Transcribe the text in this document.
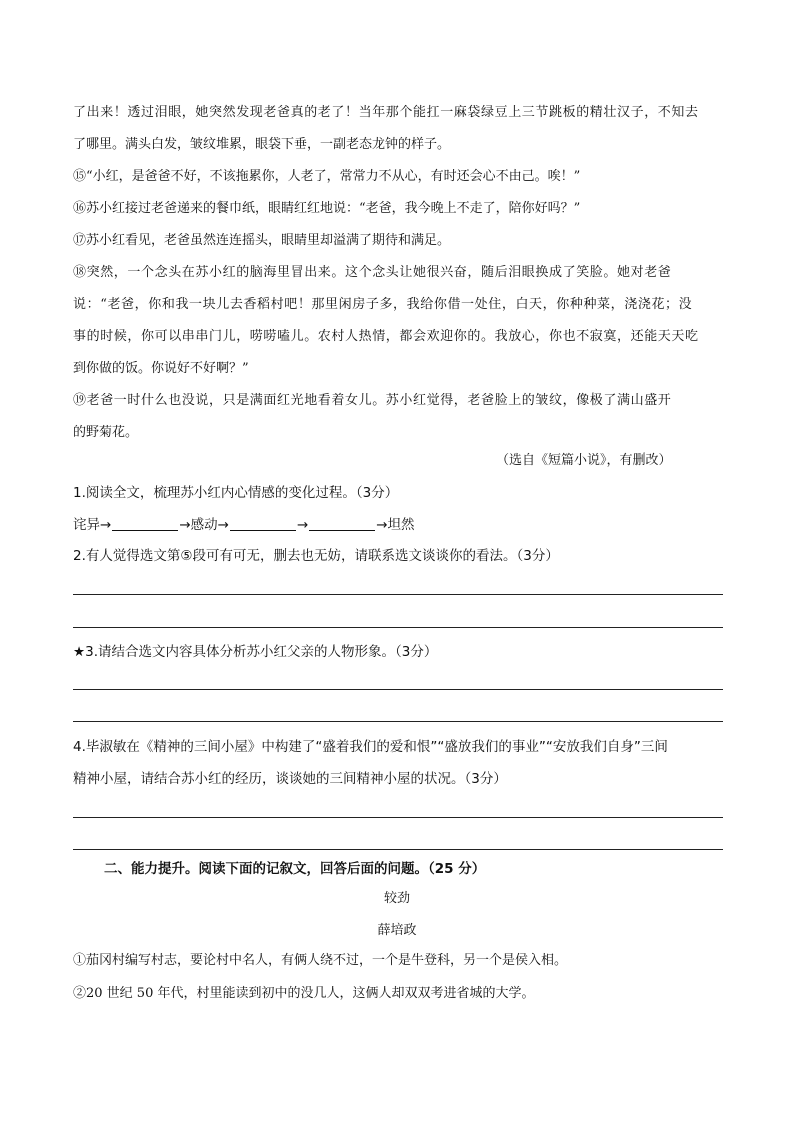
了出来！透过泪眼，她突然发现老爸真的老了！当年那个能扛一麻袋绿豆上三节跳板的精壮汉子，不知去
了哪里。满头白发，皱纹堆累，眼袋下垂，一副老态龙钟的样子。
⑮“小红，是爸爸不好，不该拖累你，人老了，常常力不从心，有时还会心不由己。唉！”
⑯苏小红接过老爸递来的餐巾纸，眼睛红红地说：“老爸，我今晚上不走了，陪你好吗？”
⑰苏小红看见，老爸虽然连连摇头，眼睛里却溢满了期待和满足。
⑱突然，一个念头在苏小红的脑海里冒出来。这个念头让她很兴奋，随后泪眼换成了笑脸。她对老爸
说：“老爸，你和我一块儿去香稻村吧！那里闲房子多，我给你借一处住，白天，你种种菜，浇浇花；没
事的时候，你可以串串门儿，唠唠嗑儿。农村人热情，都会欢迎你的。我放心，你也不寂寞，还能天天吃
到你做的饭。你说好不好啊？”
⑲老爸一时什么也没说，只是满面红光地看着女儿。苏小红觉得，老爸脸上的皱纹，像极了满山盛开
的野菊花。
（选自《短篇小说》，有删改）
1.阅读全文，梳理苏小红内心情感的变化过程。（3分）
诧异→	→感动→	→	→坦然
2.有人觉得选文第⑤段可有可无，删去也无妨，请联系选文谈谈你的看法。（3分）
★3.请结合选文内容具体分析苏小红父亲的人物形象。（3分）
4.毕淑敏在《精神的三间小屋》中构建了“盛着我们的爱和恨”“盛放我们的事业”“安放我们自身”三间
精神小屋，请结合苏小红的经历，谈谈她的三间精神小屋的状况。（3分）
二、能力提升。阅读下面的记叙文，回答后面的问题。（25 分）
较劲
薛培政
①茄冈村编写村志，要论村中名人，有俩人绕不过，一个是牛登科，另一个是侯入相。
②20 世纪 50 年代，村里能读到初中的没几人，这俩人却双双考进省城的大学。
